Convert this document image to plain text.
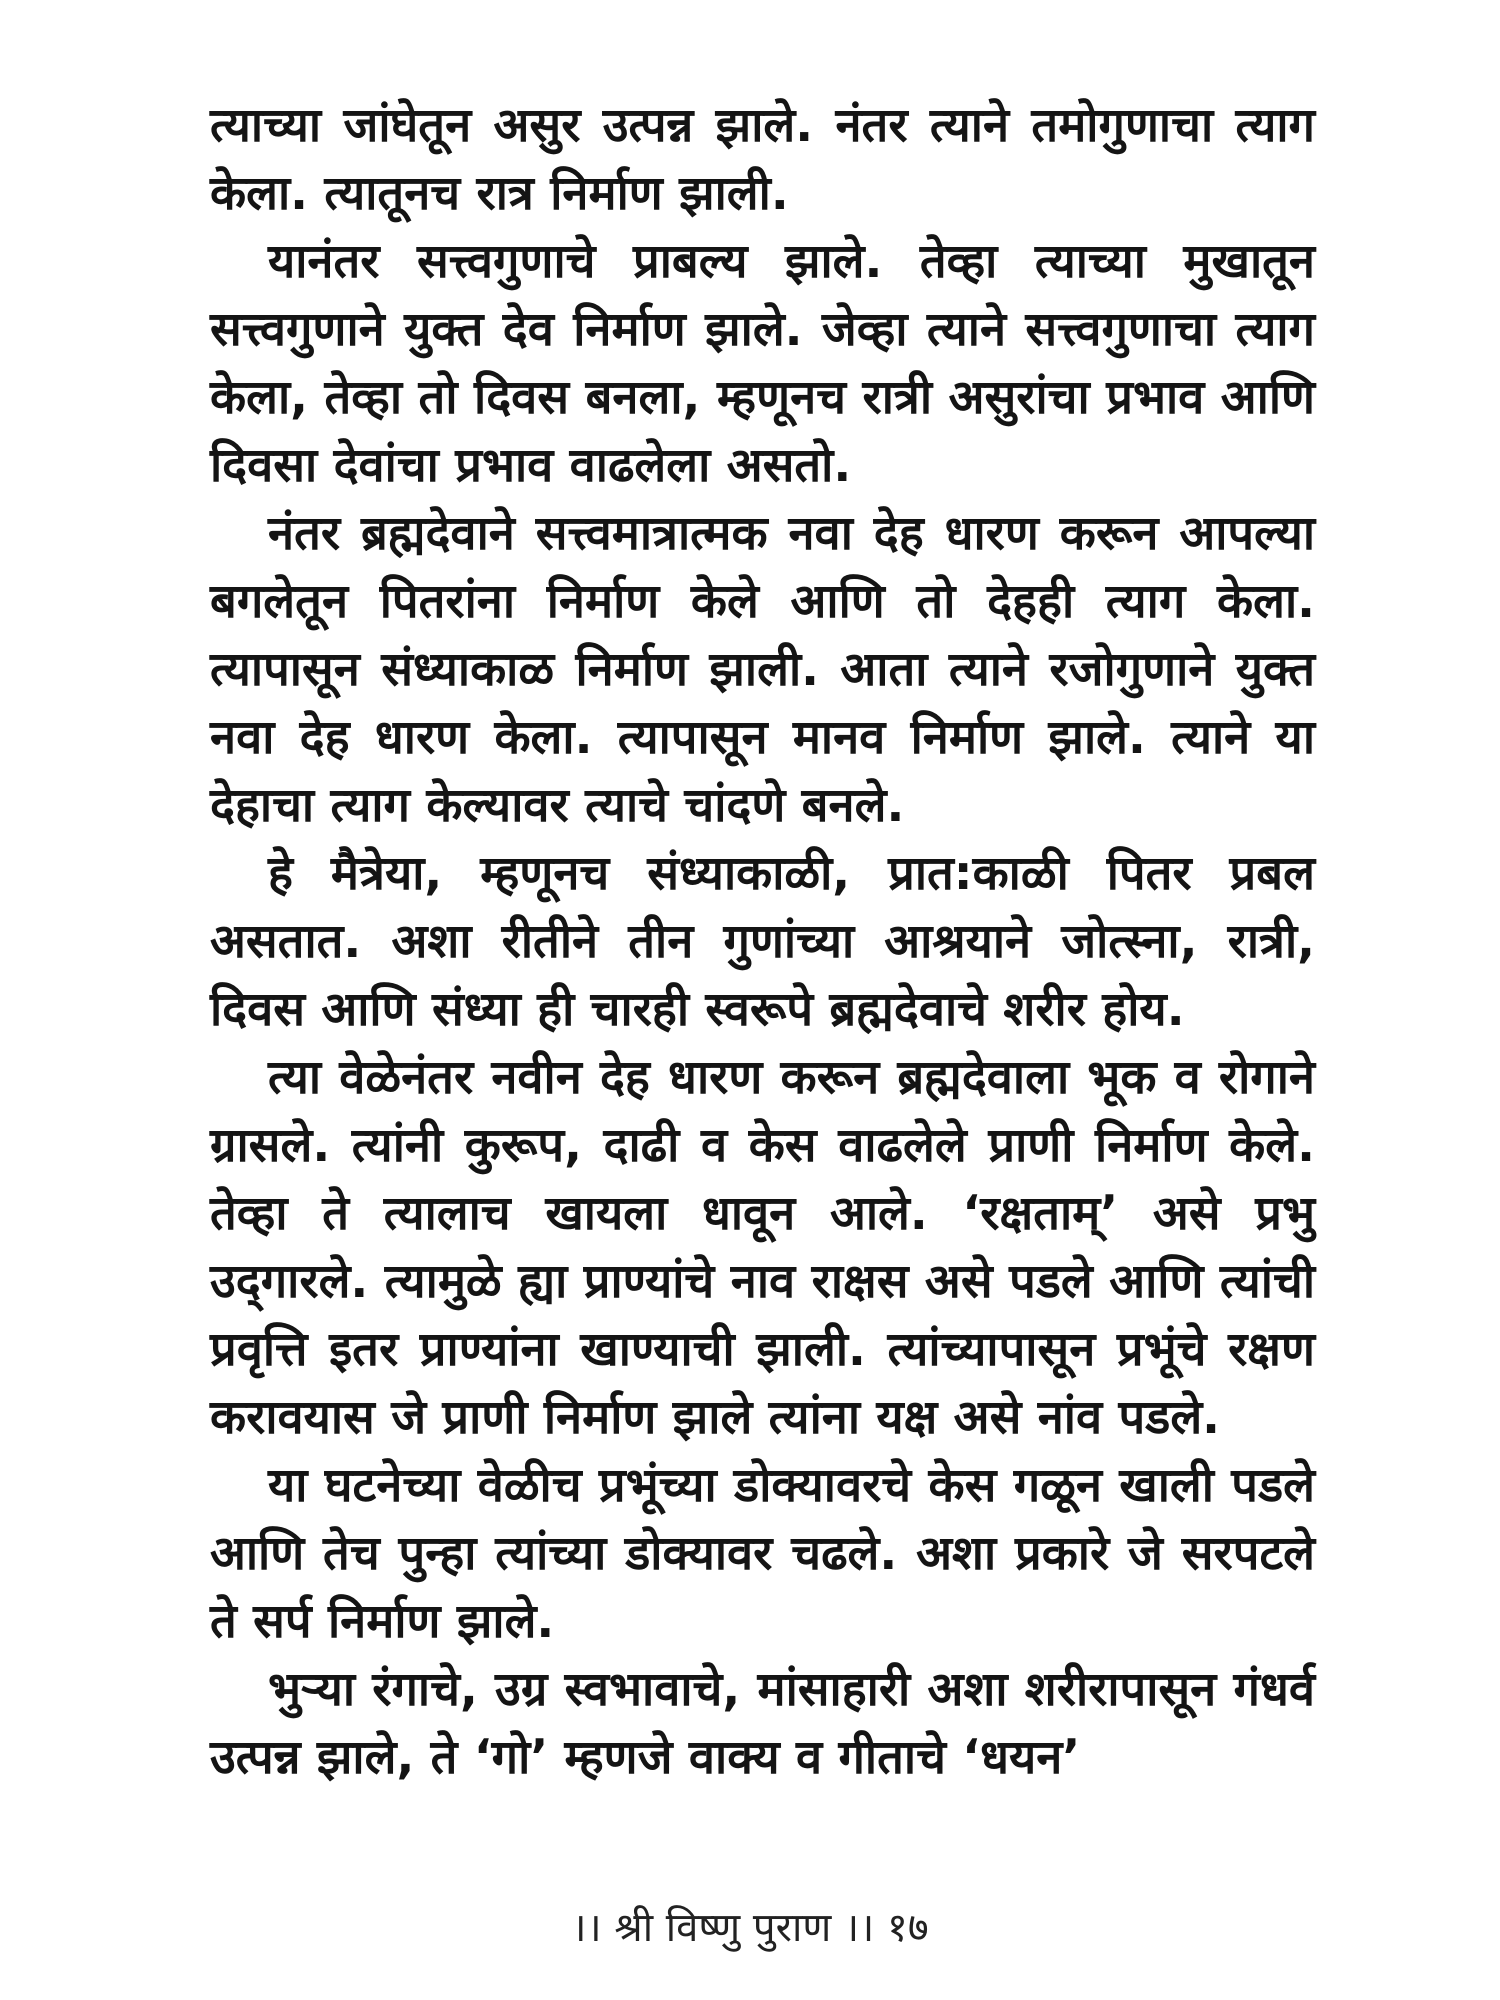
त्याच्या जांघेतून असुर उत्पन्न झाले. नंतर त्याने तमोगुणाचा त्याग केला. त्यातूनच रात्र निर्माण झाली.

यानंतर सत्त्वगुणाचे प्राबल्य झाले. तेव्हा त्याच्या मुखातून सत्त्वगुणाने युक्त देव निर्माण झाले. जेव्हा त्याने सत्त्वगुणाचा त्याग केला, तेव्हा तो दिवस बनला, म्हणूनच रात्री असुरांचा प्रभाव आणि दिवसा देवांचा प्रभाव वाढलेला असतो.

नंतर ब्रह्मदेवाने सत्त्वमात्रात्मक नवा देह धारण करून आपल्या बगलेतून पितरांना निर्माण केले आणि तो देहही त्याग केला. त्यापासून संध्याकाळ निर्माण झाली. आता त्याने रजोगुणाने युक्त नवा देह धारण केला. त्यापासून मानव निर्माण झाले. त्याने या देहाचा त्याग केल्यावर त्याचे चांदणे बनले.

हे मैत्रेया, म्हणूनच संध्याकाळी, प्रात:काळी पितर प्रबल असतात. अशा रीतीने तीन गुणांच्या आश्रयाने जोत्स्ना, रात्री, दिवस आणि संध्या ही चारही स्वरूपे ब्रह्मदेवाचे शरीर होय.

त्या वेळेनंतर नवीन देह धारण करून ब्रह्मदेवाला भूक व रोगाने ग्रासले. त्यांनी कुरूप, दाढी व केस वाढलेले प्राणी निर्माण केले. तेव्हा ते त्यालाच खायला धावून आले. ‘रक्षताम्’ असे प्रभु उद्‌गारले. त्यामुळे ह्या प्राण्यांचे नाव राक्षस असे पडले आणि त्यांची प्रवृत्ति इतर प्राण्यांना खाण्याची झाली. त्यांच्यापासून प्रभूंचे रक्षण करावयास जे प्राणी निर्माण झाले त्यांना यक्ष असे नांव पडले.

या घटनेच्या वेळीच प्रभूंच्या डोक्यावरचे केस गळून खाली पडले आणि तेच पुन्हा त्यांच्या डोक्यावर चढले. अशा प्रकारे जे सरपटले ते सर्प निर्माण झाले.

भुऱ्या रंगाचे, उग्र स्वभावाचे, मांसाहारी अशा शरीरापासून गंधर्व उत्पन्न झाले, ते ‘गो’ म्हणजे वाक्य व गीताचे ‘धयन’

।। श्री विष्णु पुराण ।। १७
